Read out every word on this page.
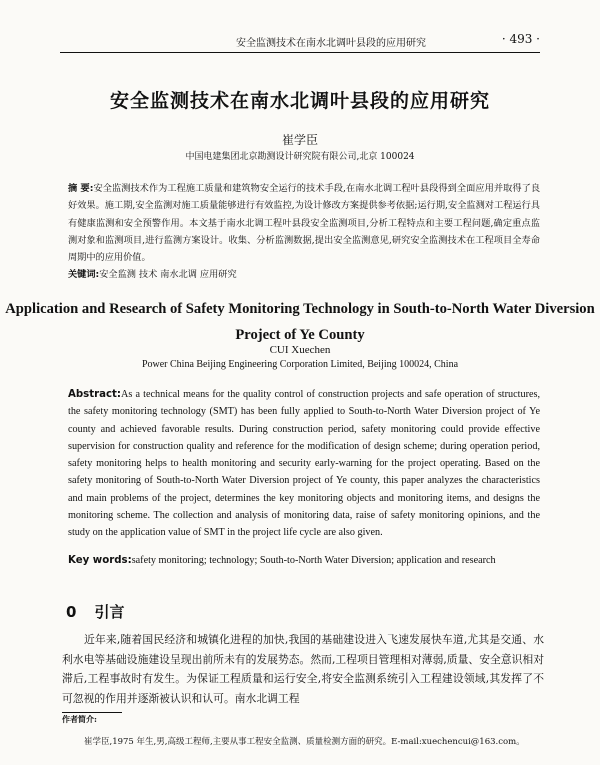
安全监测技术在南水北调叶县段的应用研究	· 493 ·
安全监测技术在南水北调叶县段的应用研究
崔学臣
中国电建集团北京勘测设计研究院有限公司,北京 100024
摘 要:安全监测技术作为工程施工质量和建筑物安全运行的技术手段,在南水北调工程叶县段得到全面应用并取得了良好效果。施工期,安全监测对施工质量能够进行有效监控,为设计修改方案提供参考依据;运行期,安全监测对工程运行具有健康监测和安全预警作用。本文基于南水北调工程叶县段安全监测项目,分析工程特点和主要工程问题,确定重点监测对象和监测项目,进行监测方案设计。收集、分析监测数据,提出安全监测意见,研究安全监测技术在工程项目全寿命周期中的应用价值。
关键词:安全监测 技术 南水北调 应用研究
Application and Research of Safety Monitoring Technology in South-to-North Water Diversion Project of Ye County
CUI Xuechen
Power China Beijing Engineering Corporation Limited, Beijing 100024, China
Abstract:As a technical means for the quality control of construction projects and safe operation of structures, the safety monitoring technology (SMT) has been fully applied to South-to-North Water Diversion project of Ye county and achieved favorable results. During construction period, safety monitoring could provide effective supervision for construction quality and reference for the modification of design scheme; during operation period, safety monitoring helps to health monitoring and security early-warning for the project operating. Based on the safety monitoring of South-to-North Water Diversion project of Ye county, this paper analyzes the characteristics and main problems of the project, determines the key monitoring objects and monitoring items, and designs the monitoring scheme. The collection and analysis of monitoring data, raise of safety monitoring opinions, and the study on the application value of SMT in the project life cycle are also given.
Key words:safety monitoring; technology; South-to-North Water Diversion; application and research
0 引言
近年来,随着国民经济和城镇化进程的加快,我国的基础建设进入飞速发展快车道,尤其是交通、水利水电等基础设施建设呈现出前所未有的发展势态。然而,工程项目管理相对薄弱,质量、安全意识相对滞后,工程事故时有发生。为保证工程质量和运行安全,将安全监测系统引入工程建设领域,其发挥了不可忽视的作用并逐渐被认识和认可。南水北调工程
作者简介:
崔学臣,1975 年生,男,高级工程师,主要从事工程安全监测、质量检测方面的研究。E-mail:xuechencui@163.com。
